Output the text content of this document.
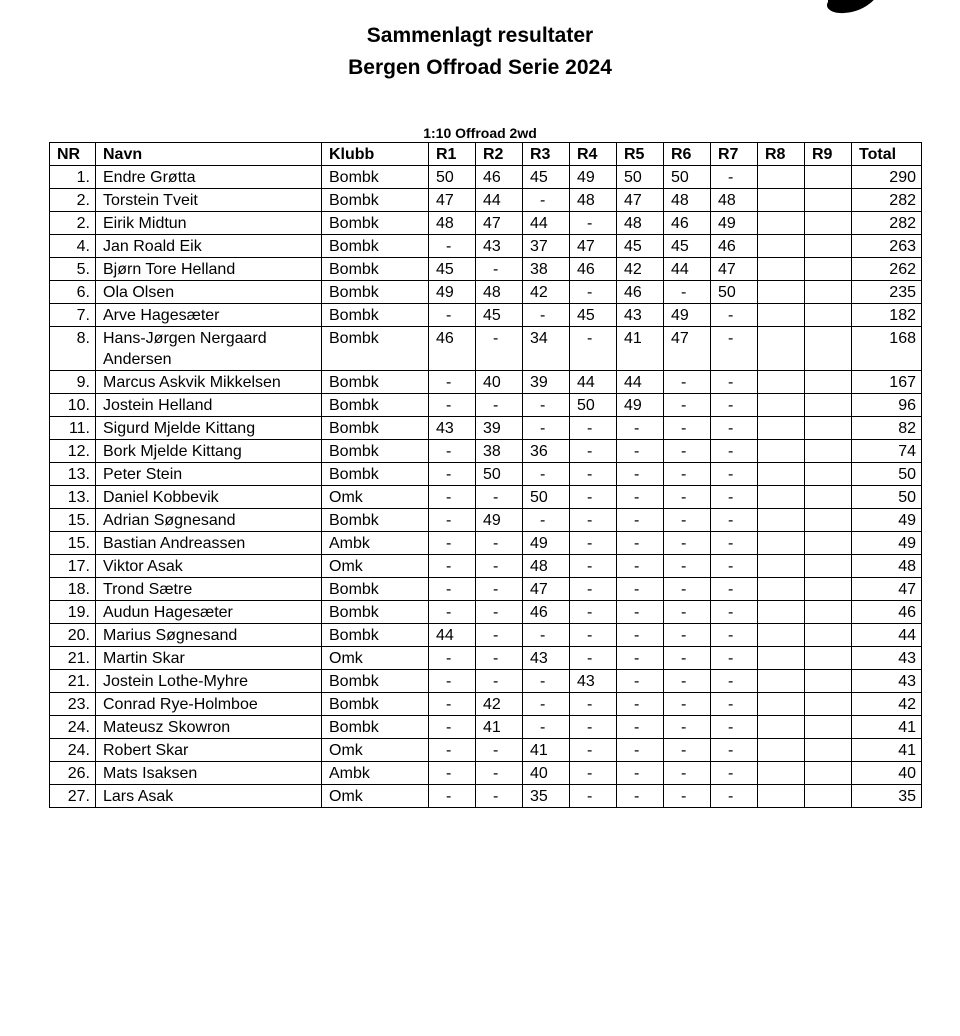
Sammenlagt resultater
Bergen Offroad Serie 2024
1:10 Offroad 2wd
NR	Navn	Klubb	R1	R2	R3	R4	R5	R6	R7	R8	R9	Total
1.	Endre Grøtta	Bombk	50	46	45	49	50	50	-			290
2.	Torstein Tveit	Bombk	47	44	-	48	47	48	48			282
2.	Eirik Midtun	Bombk	48	47	44	-	48	46	49			282
4.	Jan Roald Eik	Bombk	-	43	37	47	45	45	46			263
5.	Bjørn Tore Helland	Bombk	45	-	38	46	42	44	47			262
6.	Ola Olsen	Bombk	49	48	42	-	46	-	50			235
7.	Arve Hagesæter	Bombk	-	45	-	45	43	49	-			182
8.	Hans-Jørgen Nergaard Andersen	Bombk	46	-	34	-	41	47	-			168
9.	Marcus Askvik Mikkelsen	Bombk	-	40	39	44	44	-	-			167
10.	Jostein Helland	Bombk	-	-	-	50	49	-	-			96
11.	Sigurd Mjelde Kittang	Bombk	43	39	-	-	-	-	-			82
12.	Bork Mjelde Kittang	Bombk	-	38	36	-	-	-	-			74
13.	Peter Stein	Bombk	-	50	-	-	-	-	-			50
13.	Daniel Kobbevik	Omk	-	-	50	-	-	-	-			50
15.	Adrian Søgnesand	Bombk	-	49	-	-	-	-	-			49
15.	Bastian Andreassen	Ambk	-	-	49	-	-	-	-			49
17.	Viktor Asak	Omk	-	-	48	-	-	-	-			48
18.	Trond Sætre	Bombk	-	-	47	-	-	-	-			47
19.	Audun Hagesæter	Bombk	-	-	46	-	-	-	-			46
20.	Marius Søgnesand	Bombk	44	-	-	-	-	-	-			44
21.	Martin Skar	Omk	-	-	43	-	-	-	-			43
21.	Jostein Lothe-Myhre	Bombk	-	-	-	43	-	-	-			43
23.	Conrad Rye-Holmboe	Bombk	-	42	-	-	-	-	-			42
24.	Mateusz Skowron	Bombk	-	41	-	-	-	-	-			41
24.	Robert Skar	Omk	-	-	41	-	-	-	-			41
26.	Mats Isaksen	Ambk	-	-	40	-	-	-	-			40
27.	Lars Asak	Omk	-	-	35	-	-	-	-			35
